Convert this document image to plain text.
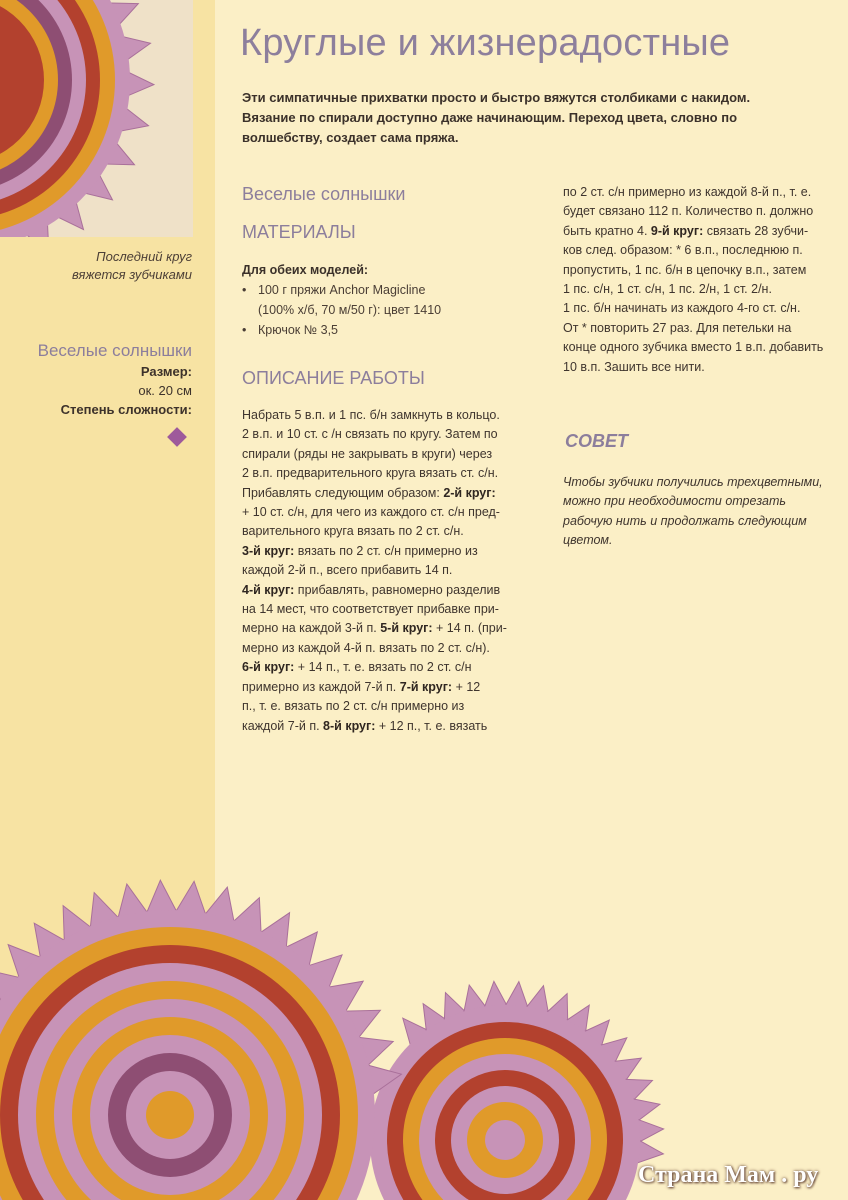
Последний круг
вяжется зубчиками
Веселые солнышки
Размер:
ок. 20 см
Степень сложности:
Круглые и жизнерадостные
Эти симпатичные прихватки просто и быстро вяжутся столбиками с накидом.
Вязание по спирали доступно даже начинающим. Переход цвета, словно по
волшебству, создает сама пряжа.
Веселые солнышки
МАТЕРИАЛЫ
Для обеих моделей:
• 100 г пряжи Anchor Magicline
(100% х/б, 70 м/50 г): цвет 1410
• Крючок № 3,5
ОПИСАНИЕ РАБОТЫ
Набрать 5 в.п. и 1 пс. б/н замкнуть в кольцо.
2 в.п. и 10 ст. с /н связать по кругу. Затем по
спирали (ряды не закрывать в круги) через
2 в.п. предварительного круга вязать ст. с/н.
Прибавлять следующим образом: 2-й круг:
+ 10 ст. с/н, для чего из каждого ст. с/н пред-
варительного круга вязать по 2 ст. с/н.
3-й круг: вязать по 2 ст. с/н примерно из
каждой 2-й п., всего прибавить 14 п.
4-й круг: прибавлять, равномерно разделив
на 14 мест, что соответствует прибавке при-
мерно на каждой 3-й п. 5-й круг: + 14 п. (при-
мерно из каждой 4-й п. вязать по 2 ст. с/н).
6-й круг: + 14 п., т. е. вязать по 2 ст. с/н
примерно из каждой 7-й п. 7-й круг: + 12
п., т. е. вязать по 2 ст. с/н примерно из
каждой 7-й п. 8-й круг: + 12 п., т. е. вязать
по 2 ст. с/н примерно из каждой 8-й п., т. е.
будет связано 112 п. Количество п. должно
быть кратно 4. 9-й круг: связать 28 зубчи-
ков след. образом: * 6 в.п., последнюю п.
пропустить, 1 пс. б/н в цепочку в.п., затем
1 пс. с/н, 1 ст. с/н, 1 пс. 2/н, 1 ст. 2/н.
1 пс. б/н начинать из каждого 4-го ст. с/н.
От * повторить 27 раз. Для петельки на
конце одного зубчика вместо 1 в.п. добавить
10 в.п. Зашить все нити.
СОВЕТ
Чтобы зубчики получились трехцветными,
можно при необходимости отрезать
рабочую нить и продолжать следующим
цветом.
Страна Мам . ру
